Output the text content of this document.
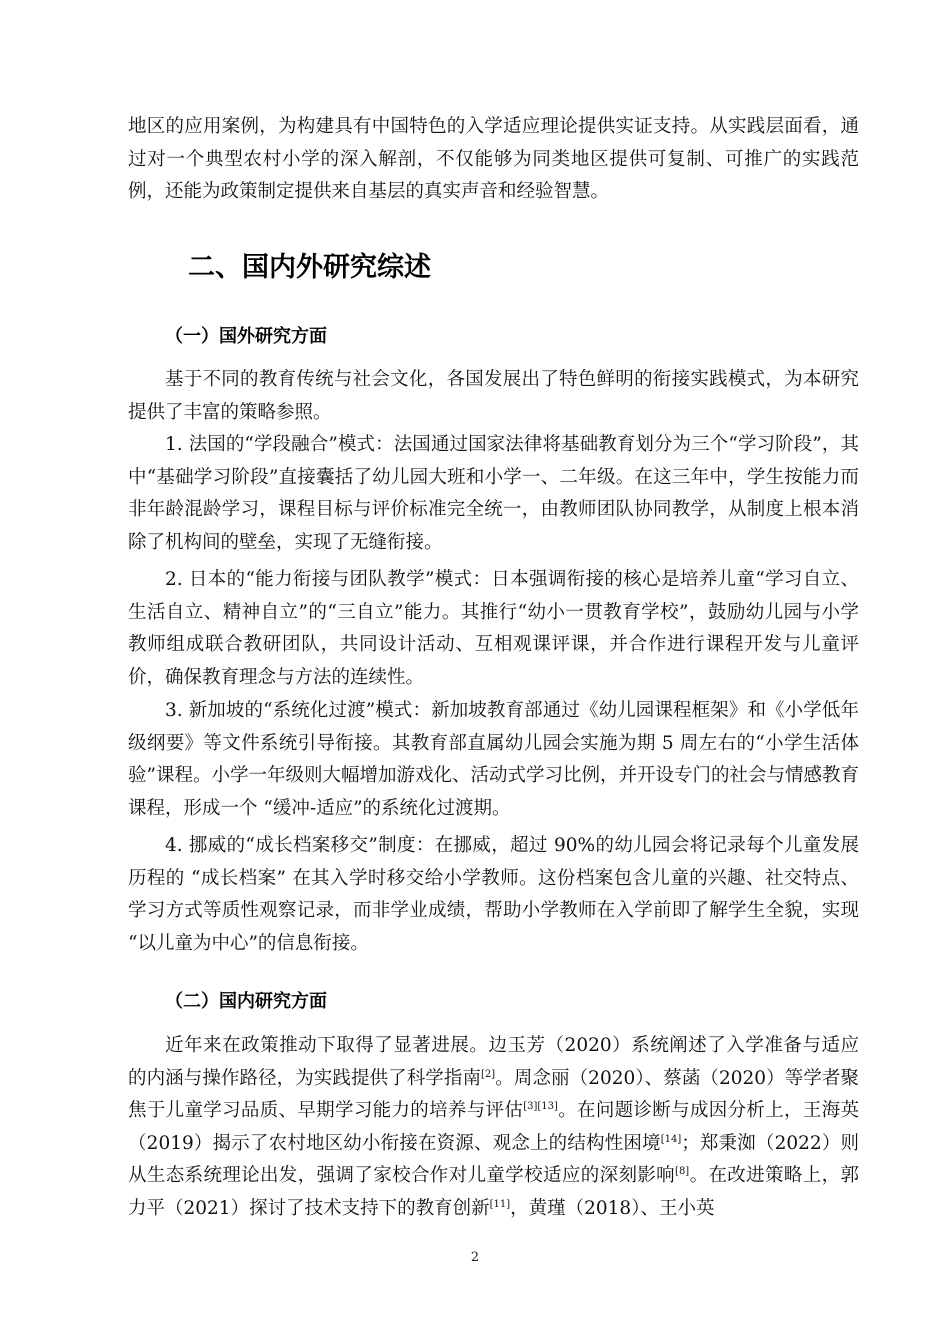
地区的应用案例，为构建具有中国特色的入学适应理论提供实证支持。从实践层面看，通过对一个典型农村小学的深入解剖，不仅能够为同类地区提供可复制、可推广的实践范例，还能为政策制定提供来自基层的真实声音和经验智慧。

二、国内外研究综述
（一）国外研究方面

基于不同的教育传统与社会文化，各国发展出了特色鲜明的衔接实践模式，为本研究提供了丰富的策略参照。

1. 法国的“学段融合”模式：法国通过国家法律将基础教育划分为三个“学习阶段”，其中“基础学习阶段”直接囊括了幼儿园大班和小学一、二年级。在这三年中，学生按能力而非年龄混龄学习，课程目标与评价标准完全统一，由教师团队协同教学，从制度上根本消除了机构间的壁垒，实现了无缝衔接。

2. 日本的“能力衔接与团队教学”模式：日本强调衔接的核心是培养儿童“学习自立、生活自立、精神自立”的“三自立”能力。其推行“幼小一贯教育学校”，鼓励幼儿园与小学教师组成联合教研团队，共同设计活动、互相观课评课，并合作进行课程开发与儿童评价，确保教育理念与方法的连续性。

3. 新加坡的“系统化过渡”模式：新加坡教育部通过《幼儿园课程框架》和《小学低年级纲要》等文件系统引导衔接。其教育部直属幼儿园会实施为期 5 周左右的“小学生活体验”课程。小学一年级则大幅增加游戏化、活动式学习比例，并开设专门的社会与情感教育课程，形成一个 “缓冲-适应”的系统化过渡期。

4. 挪威的“成长档案移交”制度：在挪威，超过 90%的幼儿园会将记录每个儿童发展历程的 “成长档案” 在其入学时移交给小学教师。这份档案包含儿童的兴趣、社交特点、学习方式等质性观察记录，而非学业成绩，帮助小学教师在入学前即了解学生全貌，实现 “以儿童为中心”的信息衔接。

（二）国内研究方面

近年来在政策推动下取得了显著进展。边玉芳（2020）系统阐述了入学准备与适应的内涵与操作路径，为实践提供了科学指南[2]。周念丽（2020）、蔡菡（2020）等学者聚焦于儿童学习品质、早期学习能力的培养与评估[3][13]。在问题诊断与成因分析上，王海英（2019）揭示了农村地区幼小衔接在资源、观念上的结构性困境[14]；郑秉洳（2022）则从生态系统理论出发，强调了家校合作对儿童学校适应的深刻影响[8]。在改进策略上，郭力平（2021）探讨了技术支持下的教育创新[11]，黄瑾（2018）、王小英

2
